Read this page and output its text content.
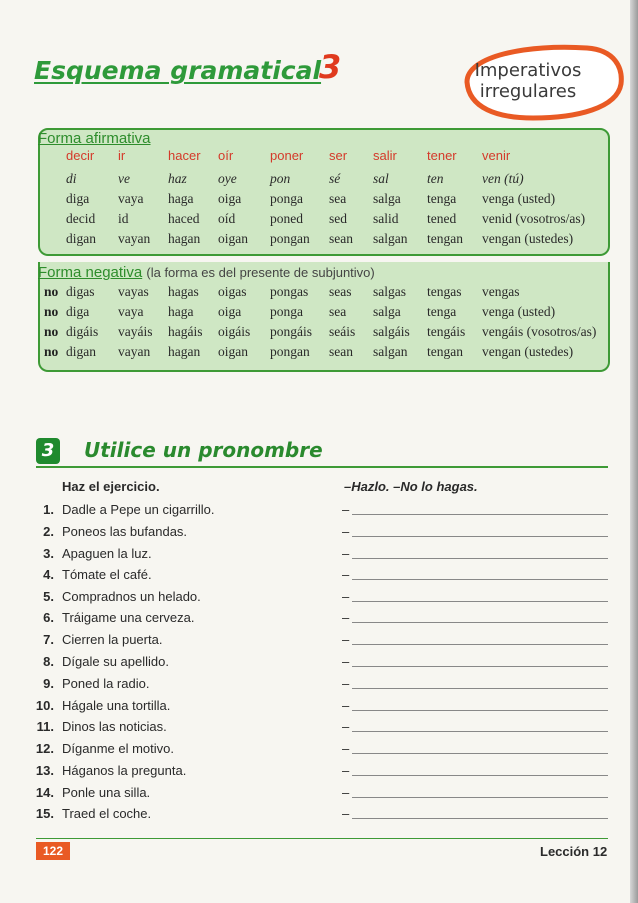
Esquema gramatical
3	Imperativos
irregulares
Forma afirmativa
decir ir	hacer oír	poner ser salir tener venir
di	ve	haz oye pon	sé sal	ten	ven (tú)
diga vaya haga oiga ponga sea salga tenga venga (usted)
decid id	haced oíd	poned sed salid tened venid (vosotros/as)
digan vayan hagan oigan pongan sean salgan tengan vengan (ustedes)
Forma negativa (la forma es del presente de subjuntivo)
no digas vayas hagas oigas pongas seas salgas tengas vengas
no diga vaya haga oiga ponga sea salga tenga venga (usted)
no digáis vayáis hagáis oigáis pongáis seáis salgáis tengáis vengáis (vosotros/as)
no digan vayan hagan oigan pongan sean salgan tengan vengan (ustedes)
3 Utilice un pronombre
Haz el ejercicio.	–Hazlo. –No lo hagas.
1. Dadle a Pepe un cigarrillo.	–
2. Poneos las bufandas.	–
3. Apaguen la luz.	–
4. Tómate el café.	–
5. Compradnos un helado.	–
6. Tráigame una cerveza.	–
7. Cierren la puerta.	–
8. Dígale su apellido.	–
9. Poned la radio.	–
10. Hágale una tortilla.	–
11. Dinos las noticias.	–
12. Díganme el motivo.	–
13. Háganos la pregunta.	–
14. Ponle una silla.	–
15. Traed el coche.	–
122	Lección 12
